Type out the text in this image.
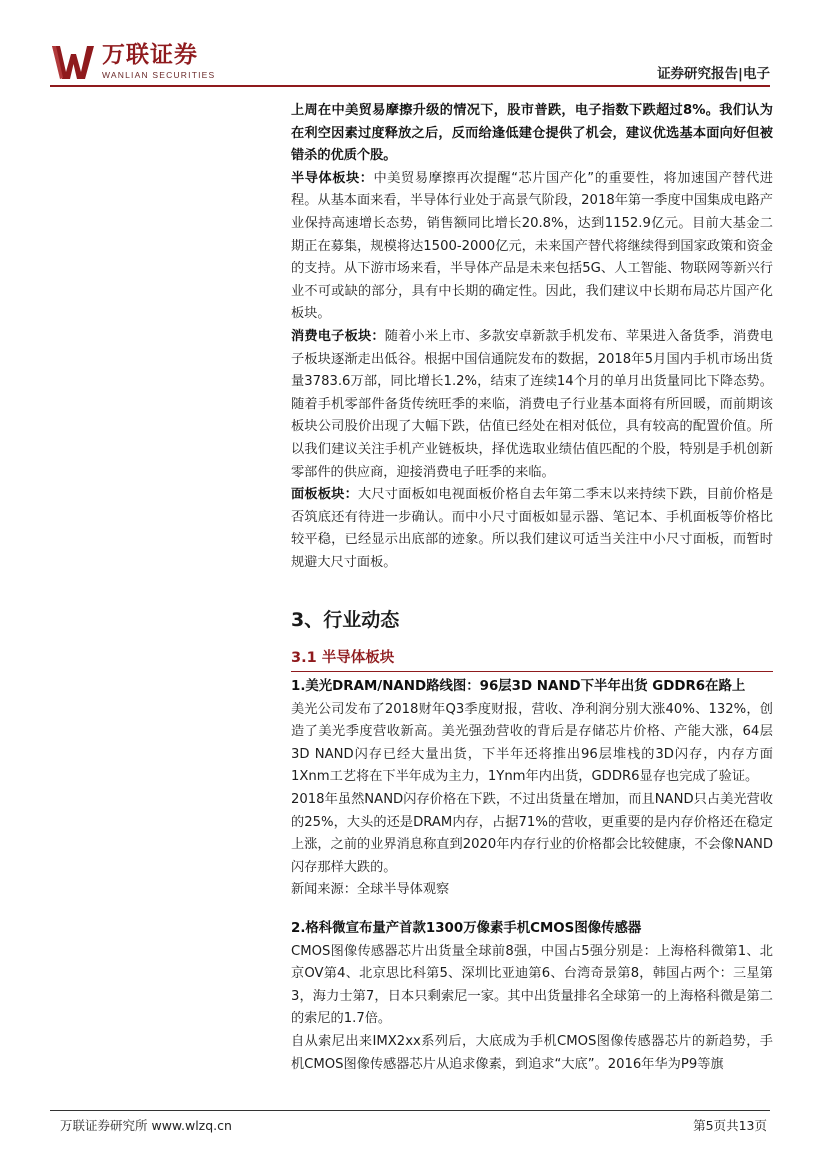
万联证券
WANLIAN SECURITIES	证券研究报告|电子

上周在中美贸易摩擦升级的情况下，股市普跌，电子指数下跌超过8%。我们认为在利空因素过度释放之后，反而给逢低建仓提供了机会，建议优选基本面向好但被错杀的优质个股。

半导体板块：中美贸易摩擦再次提醒“芯片国产化”的重要性，将加速国产替代进程。从基本面来看，半导体行业处于高景气阶段，2018年第一季度中国集成电路产业保持高速增长态势，销售额同比增长20.8%，达到1152.9亿元。目前大基金二期正在募集，规模将达1500-2000亿元，未来国产替代将继续得到国家政策和资金的支持。从下游市场来看，半导体产品是未来包括5G、人工智能、物联网等新兴行业不可或缺的部分，具有中长期的确定性。因此，我们建议中长期布局芯片国产化板块。

消费电子板块：随着小米上市、多款安卓新款手机发布、苹果进入备货季，消费电子板块逐渐走出低谷。根据中国信通院发布的数据，2018年5月国内手机市场出货量3783.6万部，同比增长1.2%，结束了连续14个月的单月出货量同比下降态势。随着手机零部件备货传统旺季的来临，消费电子行业基本面将有所回暖，而前期该板块公司股价出现了大幅下跌，估值已经处在相对低位，具有较高的配置价值。所以我们建议关注手机产业链板块，择优选取业绩估值匹配的个股，特别是手机创新零部件的供应商，迎接消费电子旺季的来临。

面板板块：大尺寸面板如电视面板价格自去年第二季末以来持续下跌，目前价格是否筑底还有待进一步确认。而中小尺寸面板如显示器、笔记本、手机面板等价格比较平稳，已经显示出底部的迹象。所以我们建议可适当关注中小尺寸面板，而暂时规避大尺寸面板。

3、行业动态

3.1 半导体板块

1.美光DRAM/NAND路线图：96层3D NAND下半年出货 GDDR6在路上

美光公司发布了2018财年Q3季度财报，营收、净利润分别大涨40%、132%，创造了美光季度营收新高。美光强劲营收的背后是存储芯片价格、产能大涨，64层3D NAND闪存已经大量出货，下半年还将推出96层堆栈的3D闪存，内存方面1Xnm工艺将在下半年成为主力，1Ynm年内出货，GDDR6显存也完成了验证。

2018年虽然NAND闪存价格在下跌，不过出货量在增加，而且NAND只占美光营收的25%，大头的还是DRAM内存，占据71%的营收，更重要的是内存价格还在稳定上涨，之前的业界消息称直到2020年内存行业的价格都会比较健康，不会像NAND闪存那样大跌的。

新闻来源：全球半导体观察

2.格科微宣布量产首款1300万像素手机CMOS图像传感器

CMOS图像传感器芯片出货量全球前8强，中国占5强分别是：上海格科微第1、北京OV第4、北京思比科第5、深圳比亚迪第6、台湾奇景第8，韩国占两个：三星第3，海力士第7，日本只剩索尼一家。其中出货量排名全球第一的上海格科微是第二的索尼的1.7倍。

自从索尼出来IMX2xx系列后，大底成为手机CMOS图像传感器芯片的新趋势，手机CMOS图像传感器芯片从追求像素，到追求“大底”。2016年华为P9等旗

万联证券研究所 www.wlzq.cn	第5页共13页
